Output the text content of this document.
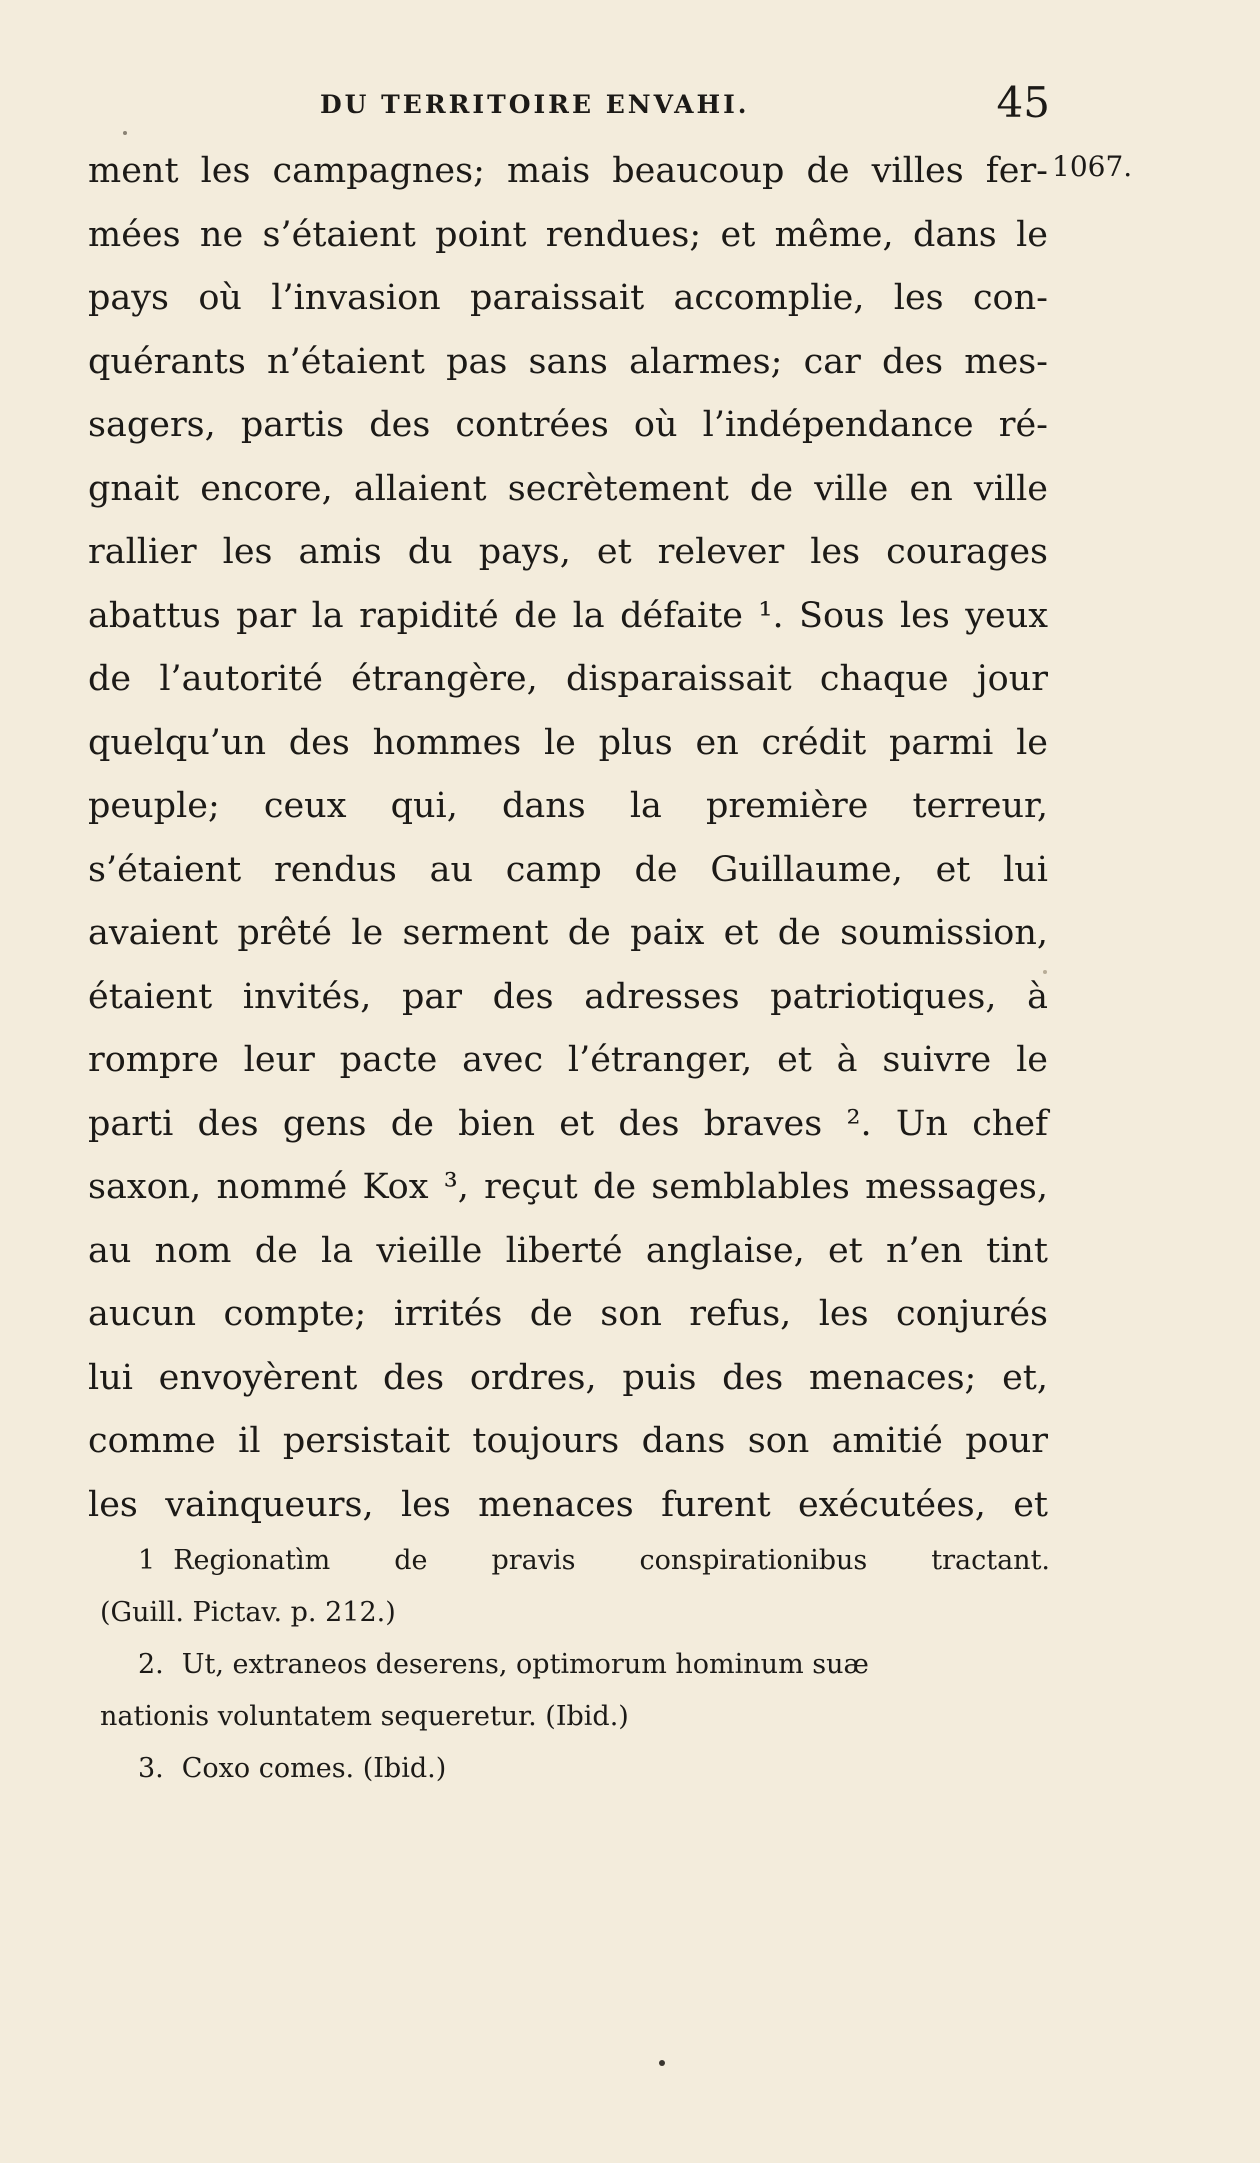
DU TERRITOIRE ENVAHI.	45
1067.
ment les campagnes; mais beaucoup de villes fer-
mées ne s’étaient point rendues; et même, dans le
pays où l’invasion paraissait accomplie, les con-
quérants n’étaient pas sans alarmes; car des mes-
sagers, partis des contrées où l’indépendance ré-
gnait encore, allaient secrètement de ville en ville
rallier les amis du pays, et relever les courages
abattus par la rapidité de la défaite ¹. Sous les yeux
de l’autorité étrangère, disparaissait chaque jour
quelqu’un des hommes le plus en crédit parmi le
peuple; ceux qui, dans la première terreur,
s’étaient rendus au camp de Guillaume, et lui
avaient prêté le serment de paix et de soumission,
étaient invités, par des adresses patriotiques, à
rompre leur pacte avec l’étranger, et à suivre le
parti des gens de bien et des braves ². Un chef
saxon, nommé Kox ³, reçut de semblables messages,
au nom de la vieille liberté anglaise, et n’en tint
aucun compte; irrités de son refus, les conjurés
lui envoyèrent des ordres, puis des menaces; et,
comme il persistait toujours dans son amitié pour
les vainqueurs, les menaces furent exécutées, et
1 Regionatìm de pravis conspirationibus tractant.
(Guill. Pictav. p. 212.)
2. Ut, extraneos deserens, optimorum hominum suæ
nationis voluntatem sequeretur. (Ibid.)
3. Coxo comes. (Ibid.)
